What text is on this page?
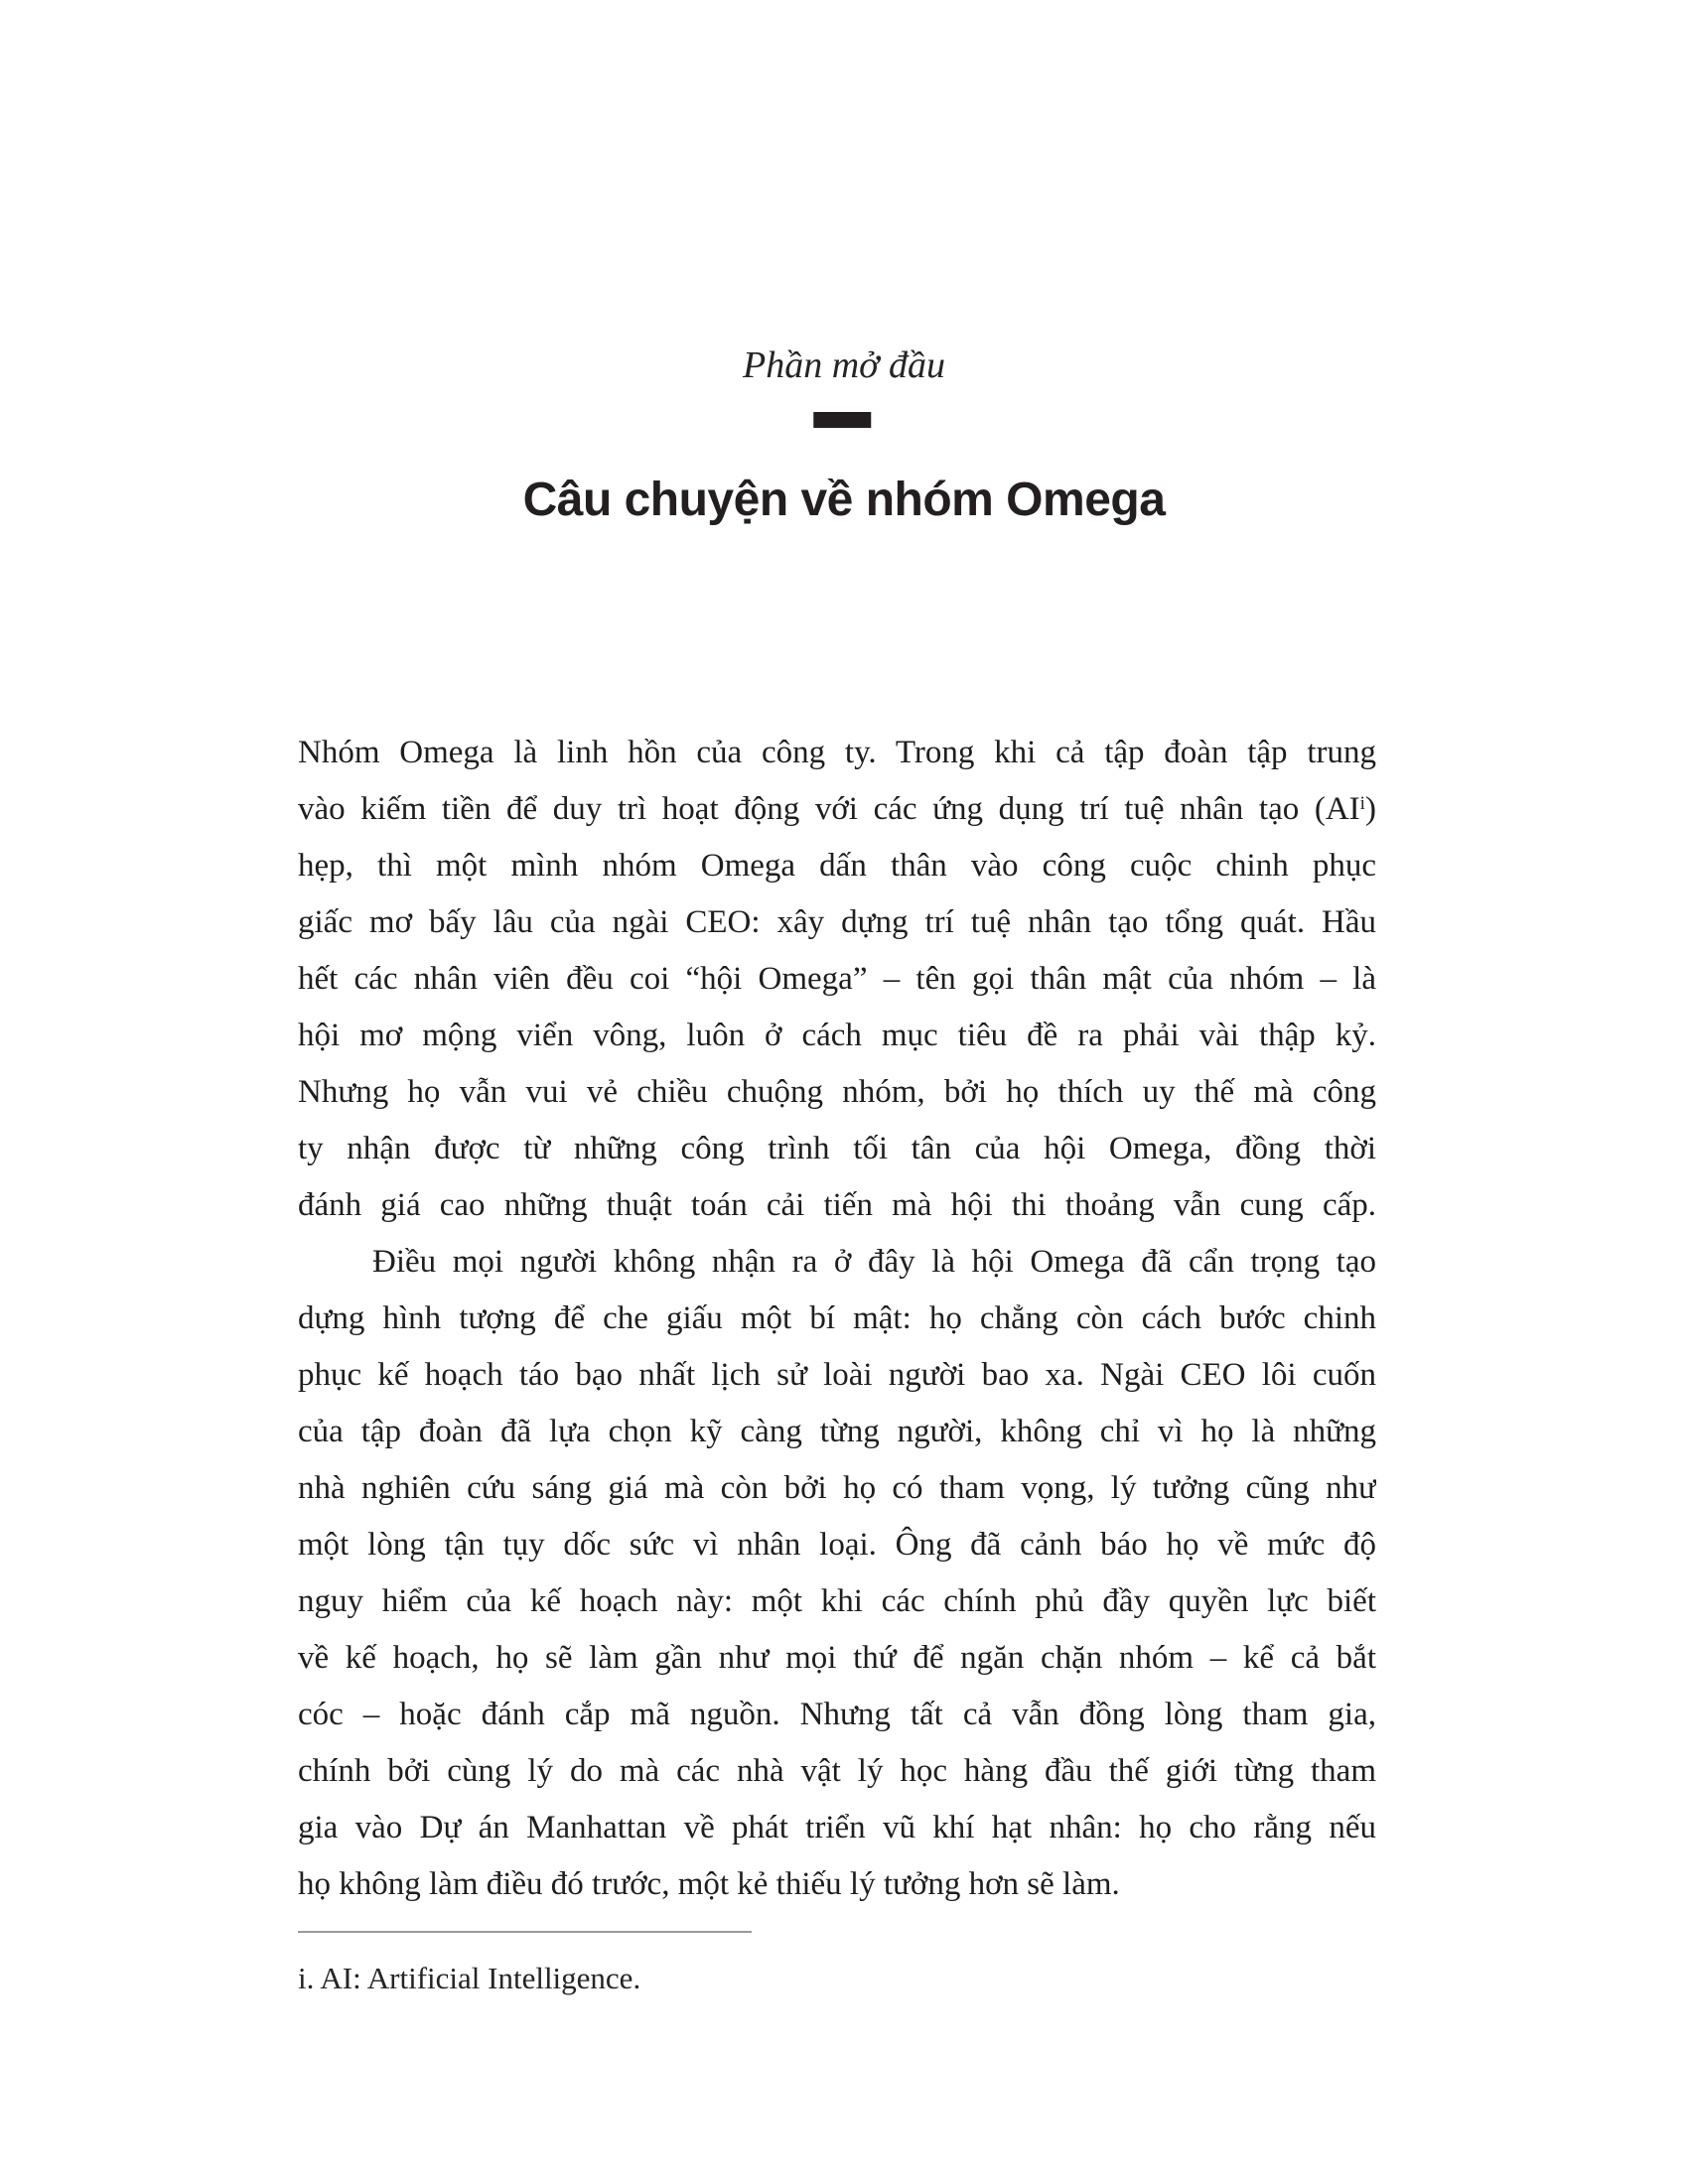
Phần mở đầu
Câu chuyện về nhóm Omega
Nhóm Omega là linh hồn của công ty. Trong khi cả tập đoàn tập trung
vào kiếm tiền để duy trì hoạt động với các ứng dụng trí tuệ nhân tạo (AIi)
hẹp, thì một mình nhóm Omega dấn thân vào công cuộc chinh phục
giấc mơ bấy lâu của ngài CEO: xây dựng trí tuệ nhân tạo tổng quát. Hầu
hết các nhân viên đều coi “hội Omega” – tên gọi thân mật của nhóm – là
hội mơ mộng viển vông, luôn ở cách mục tiêu đề ra phải vài thập kỷ.
Nhưng họ vẫn vui vẻ chiều chuộng nhóm, bởi họ thích uy thế mà công
ty nhận được từ những công trình tối tân của hội Omega, đồng thời
đánh giá cao những thuật toán cải tiến mà hội thi thoảng vẫn cung cấp.
Điều mọi người không nhận ra ở đây là hội Omega đã cẩn trọng tạo
dựng hình tượng để che giấu một bí mật: họ chẳng còn cách bước chinh
phục kế hoạch táo bạo nhất lịch sử loài người bao xa. Ngài CEO lôi cuốn
của tập đoàn đã lựa chọn kỹ càng từng người, không chỉ vì họ là những
nhà nghiên cứu sáng giá mà còn bởi họ có tham vọng, lý tưởng cũng như
một lòng tận tụy dốc sức vì nhân loại. Ông đã cảnh báo họ về mức độ
nguy hiểm của kế hoạch này: một khi các chính phủ đầy quyền lực biết
về kế hoạch, họ sẽ làm gần như mọi thứ để ngăn chặn nhóm – kể cả bắt
cóc – hoặc đánh cắp mã nguồn. Nhưng tất cả vẫn đồng lòng tham gia,
chính bởi cùng lý do mà các nhà vật lý học hàng đầu thế giới từng tham
gia vào Dự án Manhattan về phát triển vũ khí hạt nhân: họ cho rằng nếu
họ không làm điều đó trước, một kẻ thiếu lý tưởng hơn sẽ làm.
i. AI: Artificial Intelligence.
